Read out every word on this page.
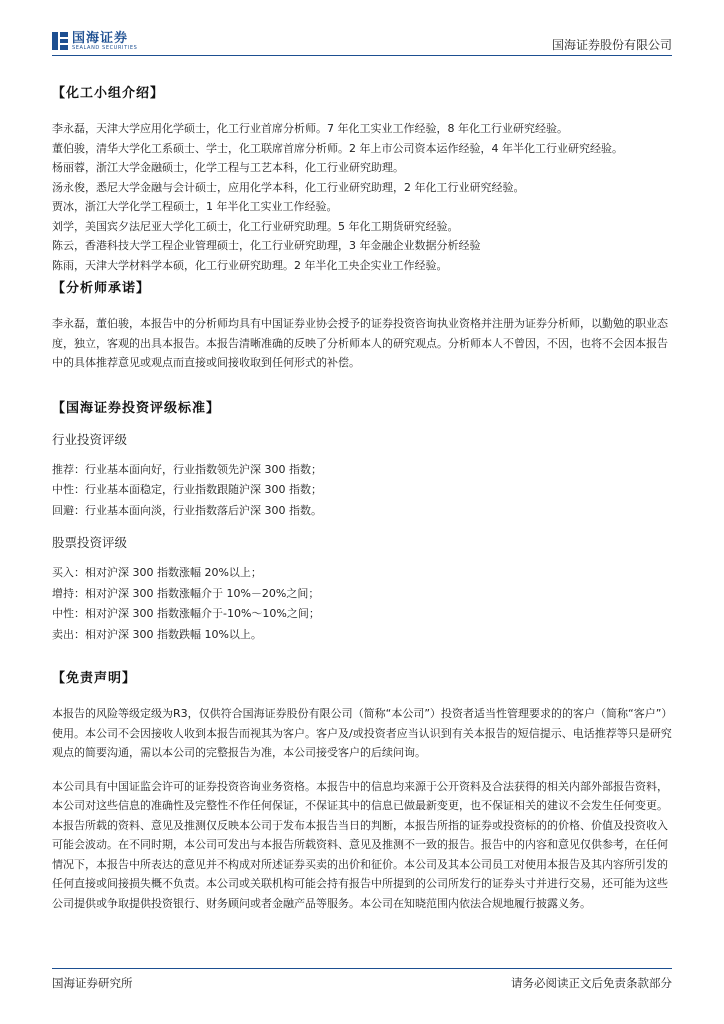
国海证券
SEALAND SECURITIES	国海证券股份有限公司
【化工小组介绍】

李永磊，天津大学应用化学硕士，化工行业首席分析师。7 年化工实业工作经验，8 年化工行业研究经验。

董伯骏，清华大学化工系硕士、学士，化工联席首席分析师。2 年上市公司资本运作经验，4 年半化工行业研究经验。

杨丽蓉，浙江大学金融硕士，化学工程与工艺本科，化工行业研究助理。

汤永俊，悉尼大学金融与会计硕士，应用化学本科，化工行业研究助理，2 年化工行业研究经验。

贾冰，浙江大学化学工程硕士，1 年半化工实业工作经验。

刘学，美国宾夕法尼亚大学化工硕士，化工行业研究助理。5 年化工期货研究经验。

陈云，香港科技大学工程企业管理硕士，化工行业研究助理，3 年金融企业数据分析经验

陈雨，天津大学材料学本硕，化工行业研究助理。2 年半化工央企实业工作经验。

【分析师承诺】

李永磊，董伯骏，本报告中的分析师均具有中国证券业协会授予的证券投资咨询执业资格并注册为证券分析师，以勤勉的职业态度，独立，客观的出具本报告。本报告清晰准确的反映了分析师本人的研究观点。分析师本人不曾因，不因，也将不会因本报告中的具体推荐意见或观点而直接或间接收取到任何形式的补偿。

【国海证券投资评级标准】

行业投资评级

推荐：行业基本面向好，行业指数领先沪深 300 指数；

中性：行业基本面稳定，行业指数跟随沪深 300 指数；

回避：行业基本面向淡，行业指数落后沪深 300 指数。

股票投资评级

买入：相对沪深 300 指数涨幅 20%以上；

增持：相对沪深 300 指数涨幅介于 10%－20%之间；

中性：相对沪深 300 指数涨幅介于-10%～10%之间；

卖出：相对沪深 300 指数跌幅 10%以上。

【免责声明】

本报告的风险等级定级为R3，仅供符合国海证券股份有限公司（简称“本公司”）投资者适当性管理要求的的客户（简称“客户”）使用。本公司不会因接收人收到本报告而视其为客户。客户及/或投资者应当认识到有关本报告的短信提示、电话推荐等只是研究观点的简要沟通，需以本公司的完整报告为准，本公司接受客户的后续问询。

本公司具有中国证监会许可的证券投资咨询业务资格。本报告中的信息均来源于公开资料及合法获得的相关内部外部报告资料，本公司对这些信息的准确性及完整性不作任何保证，不保证其中的信息已做最新变更，也不保证相关的建议不会发生任何变更。本报告所载的资料、意见及推测仅反映本公司于发布本报告当日的判断，本报告所指的证券或投资标的的价格、价值及投资收入可能会波动。在不同时期，本公司可发出与本报告所载资料、意见及推测不一致的报告。报告中的内容和意见仅供参考，在任何情况下，本报告中所表达的意见并不构成对所述证券买卖的出价和征价。本公司及其本公司员工对使用本报告及其内容所引发的任何直接或间接损失概不负责。本公司或关联机构可能会持有报告中所提到的公司所发行的证券头寸并进行交易，还可能为这些公司提供或争取提供投资银行、财务顾问或者金融产品等服务。本公司在知晓范围内依法合规地履行披露义务。

国海证券研究所	请务必阅读正文后免责条款部分
